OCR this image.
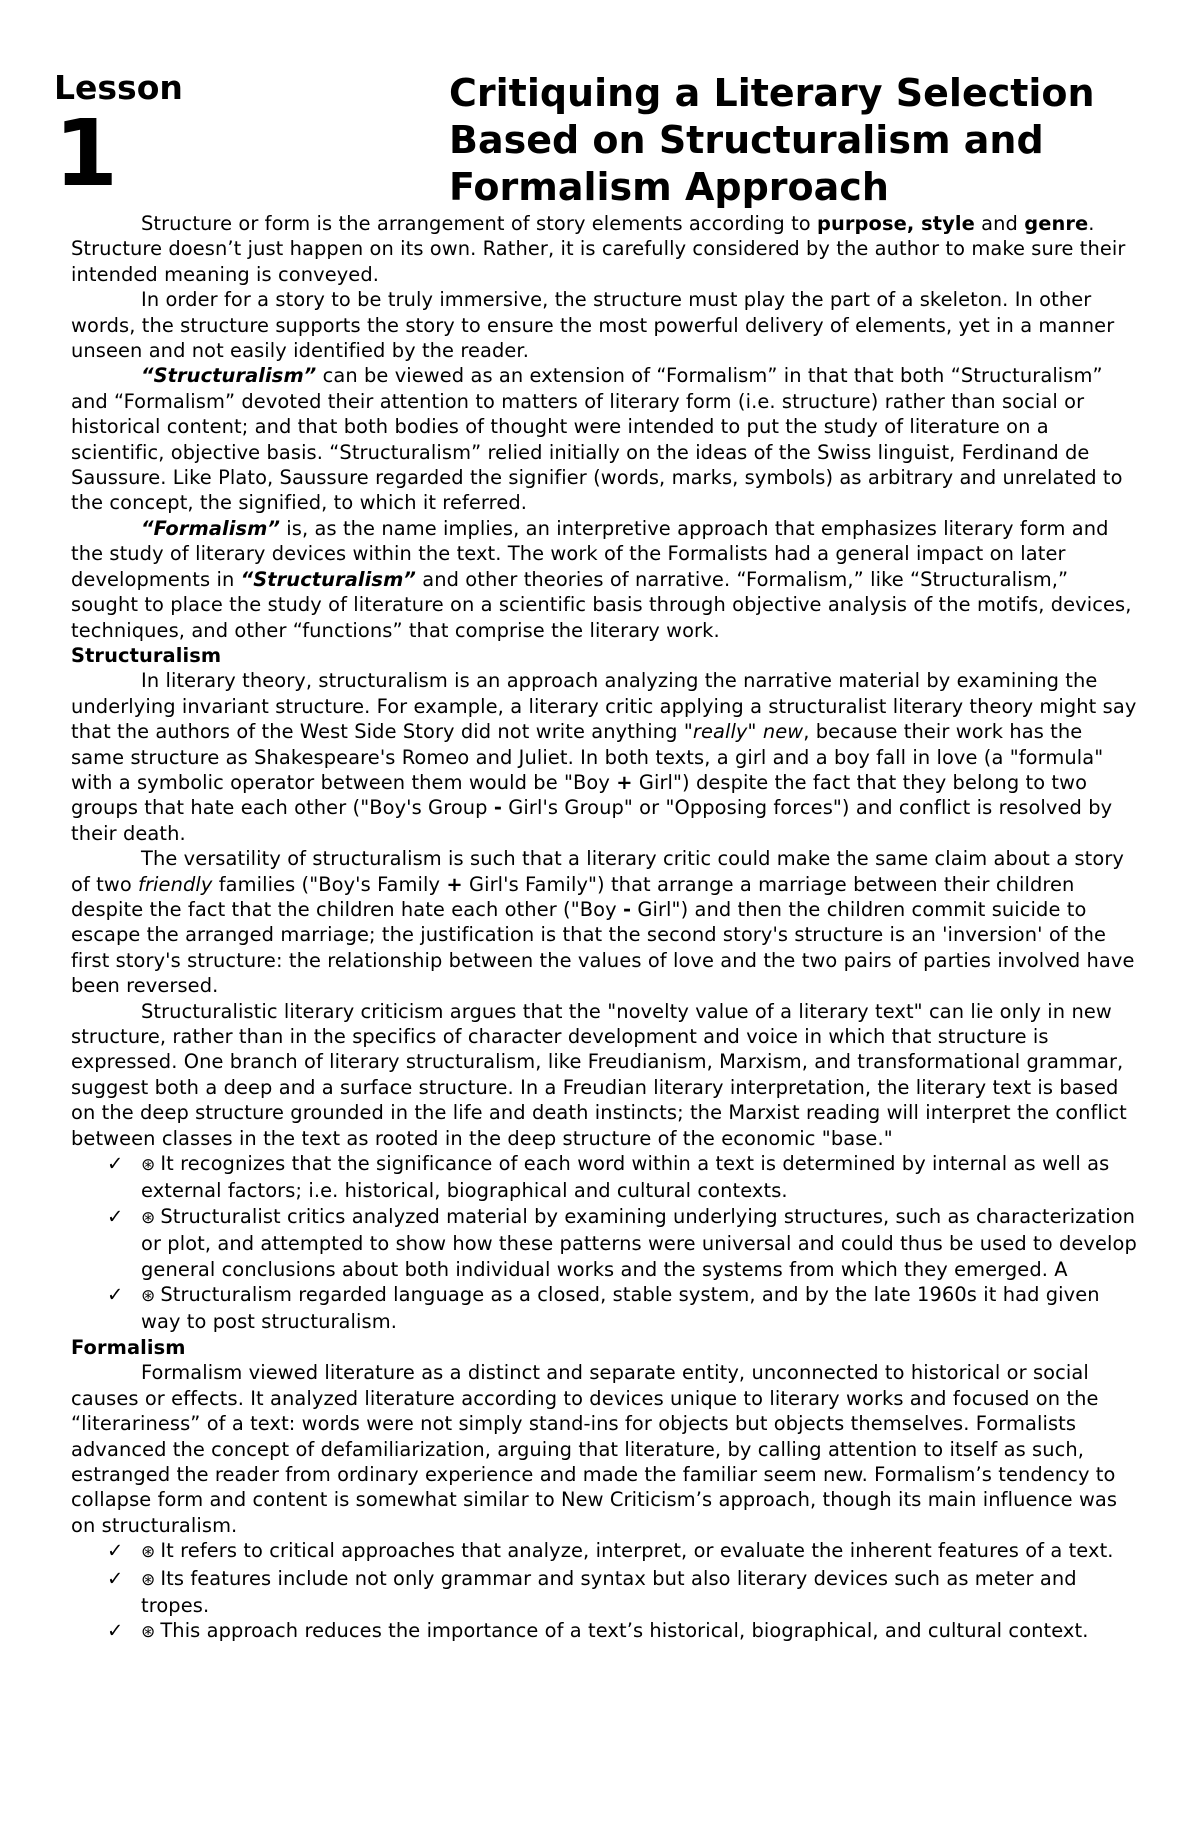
Lesson
1
Critiquing a Literary Selection Based on Structuralism and Formalism Approach

Structure or form is the arrangement of story elements according to purpose, style and genre. Structure doesn’t just happen on its own. Rather, it is carefully considered by the author to make sure their intended meaning is conveyed.

In order for a story to be truly immersive, the structure must play the part of a skeleton. In other words, the structure supports the story to ensure the most powerful delivery of elements, yet in a manner unseen and not easily identified by the reader.

“Structuralism” can be viewed as an extension of “Formalism” in that that both “Structuralism” and “Formalism” devoted their attention to matters of literary form (i.e. structure) rather than social or historical content; and that both bodies of thought were intended to put the study of literature on a scientific, objective basis. “Structuralism” relied initially on the ideas of the Swiss linguist, Ferdinand de Saussure. Like Plato, Saussure regarded the signifier (words, marks, symbols) as arbitrary and unrelated to the concept, the signified, to which it referred.

“Formalism” is, as the name implies, an interpretive approach that emphasizes literary form and the study of literary devices within the text. The work of the Formalists had a general impact on later developments in “Structuralism” and other theories of narrative. “Formalism,” like “Structuralism,” sought to place the study of literature on a scientific basis through objective analysis of the motifs, devices, techniques, and other “functions” that comprise the literary work.

Structuralism

In literary theory, structuralism is an approach analyzing the narrative material by examining the underlying invariant structure. For example, a literary critic applying a structuralist literary theory might say that the authors of the West Side Story did not write anything "really" new, because their work has the same structure as Shakespeare's Romeo and Juliet. In both texts, a girl and a boy fall in love (a "formula" with a symbolic operator between them would be "Boy + Girl") despite the fact that they belong to two groups that hate each other ("Boy's Group - Girl's Group" or "Opposing forces") and conflict is resolved by their death.

The versatility of structuralism is such that a literary critic could make the same claim about a story of two friendly families ("Boy's Family + Girl's Family") that arrange a marriage between their children despite the fact that the children hate each other ("Boy - Girl") and then the children commit suicide to escape the arranged marriage; the justification is that the second story's structure is an 'inversion' of the first story's structure: the relationship between the values of love and the two pairs of parties involved have been reversed.

Structuralistic literary criticism argues that the "novelty value of a literary text" can lie only in new structure, rather than in the specifics of character development and voice in which that structure is expressed. One branch of literary structuralism, like Freudianism, Marxism, and transformational grammar, suggest both a deep and a surface structure. In a Freudian literary interpretation, the literary text is based on the deep structure grounded in the life and death instincts; the Marxist reading will interpret the conflict between classes in the text as rooted in the deep structure of the economic "base."

✓ ⊛ It recognizes that the significance of each word within a text is determined by internal as well as external factors; i.e. historical, biographical and cultural contexts.
✓ ⊛ Structuralist critics analyzed material by examining underlying structures, such as characterization or plot, and attempted to show how these patterns were universal and could thus be used to develop general conclusions about both individual works and the systems from which they emerged. A
✓ ⊛ Structuralism regarded language as a closed, stable system, and by the late 1960s it had given way to post structuralism.

Formalism

Formalism viewed literature as a distinct and separate entity, unconnected to historical or social causes or effects. It analyzed literature according to devices unique to literary works and focused on the “literariness” of a text: words were not simply stand-ins for objects but objects themselves. Formalists advanced the concept of defamiliarization, arguing that literature, by calling attention to itself as such, estranged the reader from ordinary experience and made the familiar seem new. Formalism’s tendency to collapse form and content is somewhat similar to New Criticism’s approach, though its main influence was on structuralism.

✓ ⊛ It refers to critical approaches that analyze, interpret, or evaluate the inherent features of a text.
✓ ⊛ Its features include not only grammar and syntax but also literary devices such as meter and tropes.
✓ ⊛ This approach reduces the importance of a text’s historical, biographical, and cultural context.
